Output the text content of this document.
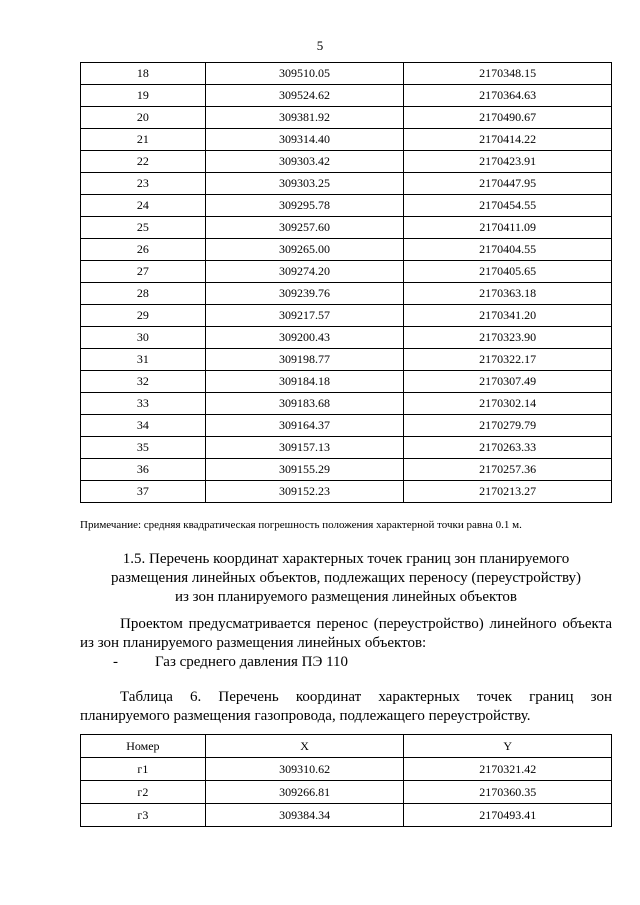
5
18	309510.05	2170348.15
19	309524.62	2170364.63
20	309381.92	2170490.67
21	309314.40	2170414.22
22	309303.42	2170423.91
23	309303.25	2170447.95
24	309295.78	2170454.55
25	309257.60	2170411.09
26	309265.00	2170404.55
27	309274.20	2170405.65
28	309239.76	2170363.18
29	309217.57	2170341.20
30	309200.43	2170323.90
31	309198.77	2170322.17
32	309184.18	2170307.49
33	309183.68	2170302.14
34	309164.37	2170279.79
35	309157.13	2170263.33
36	309155.29	2170257.36
37	309152.23	2170213.27
Примечание: средняя квадратическая погрешность положения характерной точки равна 0.1 м.
1.5. Перечень координат характерных точек границ зон планируемого
размещения линейных объектов, подлежащих переносу (переустройству)
из зон планируемого размещения линейных объектов
Проектом предусматривается перенос (переустройство) линейного объекта
из зон планируемого размещения линейных объектов:
- Газ среднего давления ПЭ 110
Таблица 6. Перечень координат характерных точек границ зон
планируемого размещения газопровода, подлежащего переустройству.
Номер	X	Y
г1	309310.62	2170321.42
г2	309266.81	2170360.35
г3	309384.34	2170493.41
